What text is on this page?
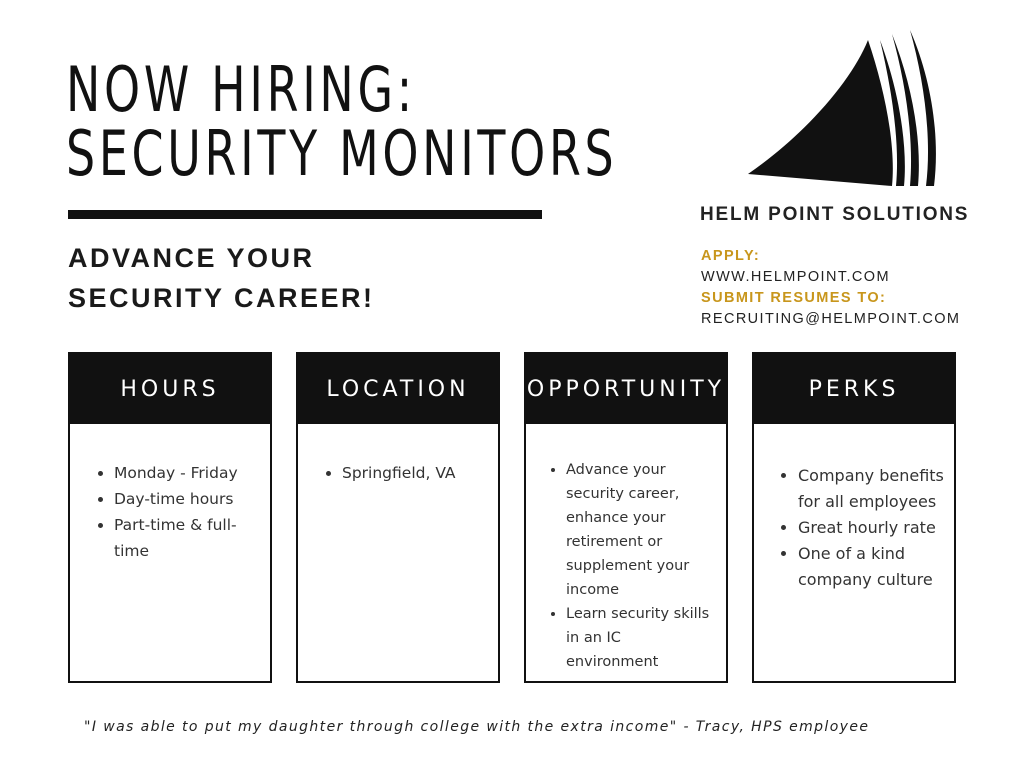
NOW HIRING:
SECURITY MONITORS
ADVANCE YOUR
SECURITY CAREER!
HELM POINT SOLUTIONS
APPLY:
WWW.HELMPOINT.COM
SUBMIT RESUMES TO:
RECRUITING@HELMPOINT.COM
HOURS
• Monday - Friday
• Day-time hours
• Part-time & full-time
LOCATION
• Springfield, VA
OPPORTUNITY
• Advance your security career, enhance your retirement or supplement your income
• Learn security skills in an IC environment
PERKS
• Company benefits for all employees
• Great hourly rate
• One of a kind company culture
"I was able to put my daughter through college with the extra income" - Tracy, HPS employee
